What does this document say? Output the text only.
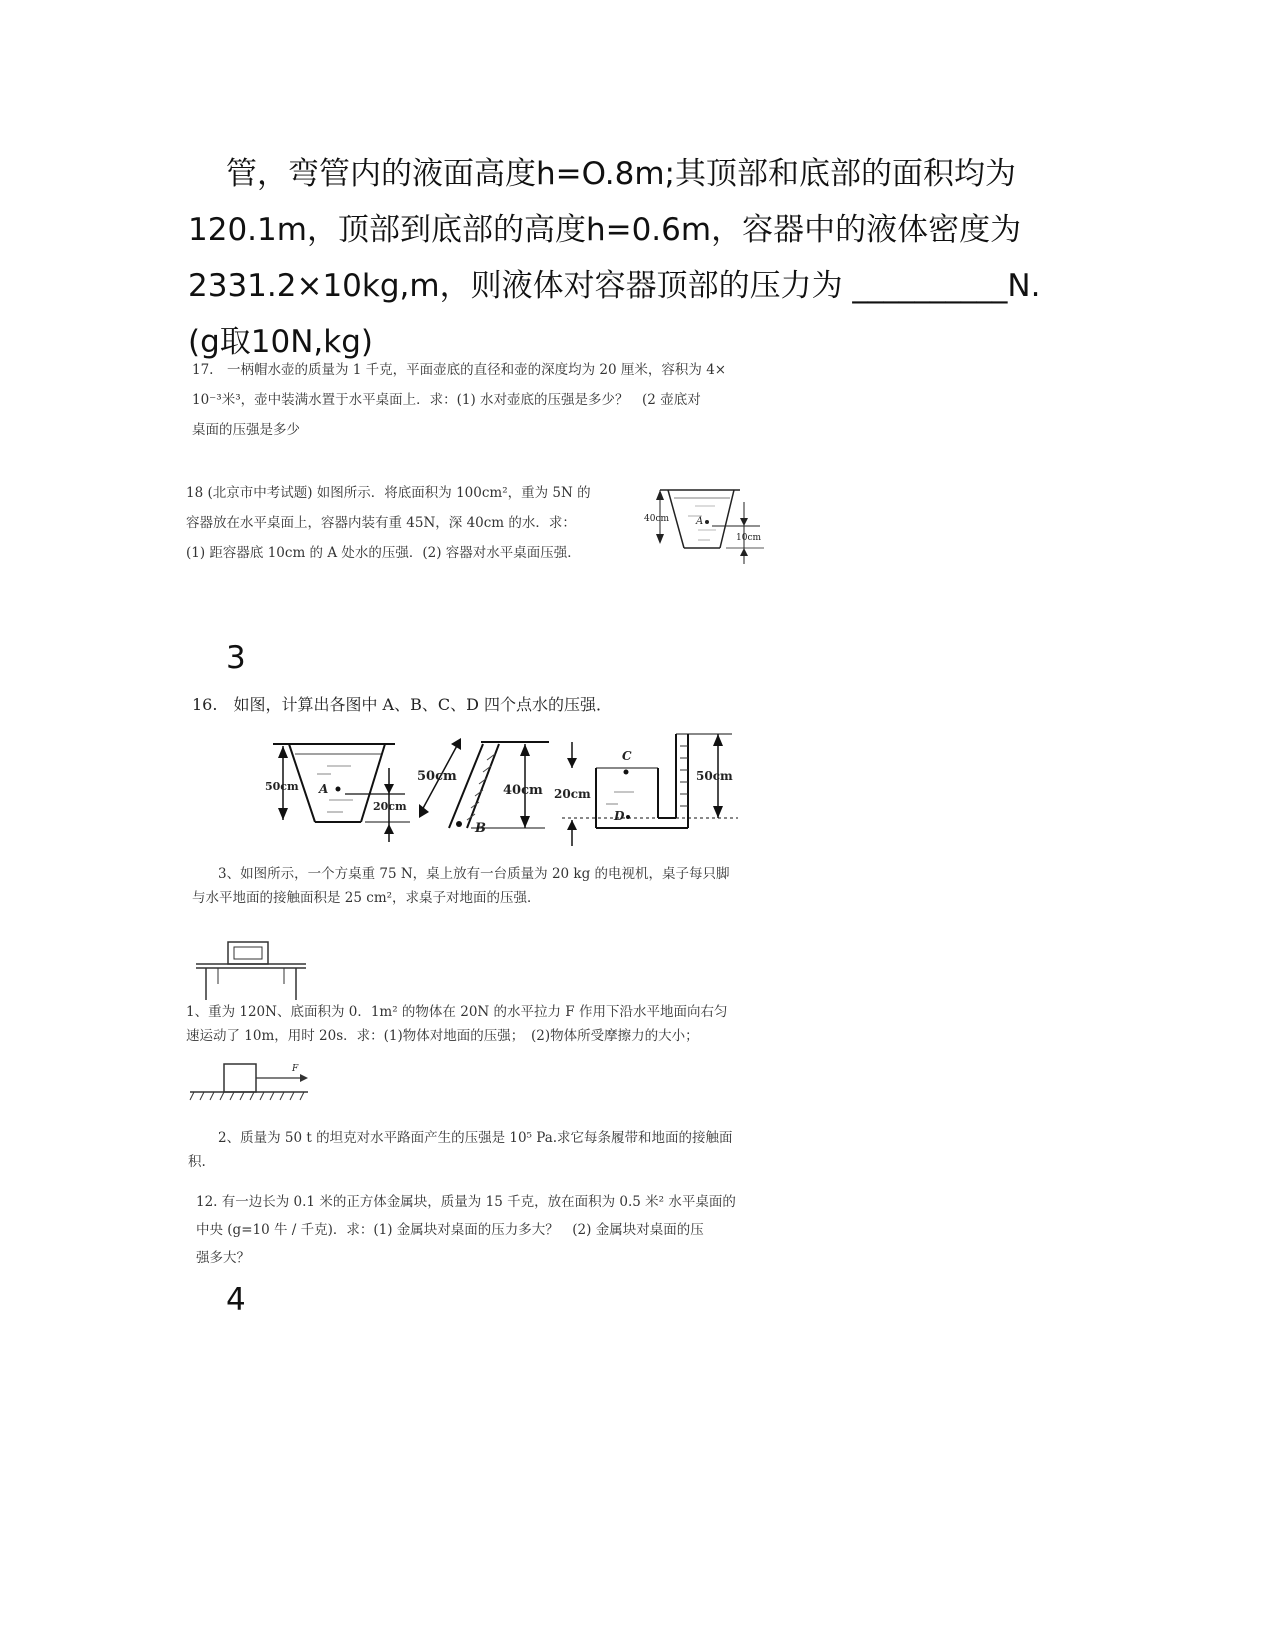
管，弯管内的液面高度h=O.8m;其顶部和底部的面积均为
120.1m，顶部到底部的高度h=0.6m，容器中的液体密度为
2331.2×10kg,m，则液体对容器顶部的压力为 __________N.
(g取10N,kg)
17.　一柄帽水壶的质量为 1 千克，平面壶底的直径和壶的深度均为 20 厘米，容积为 4×
10⁻³米³，壶中装满水置于水平桌面上．求：(1) 水对壶底的压强是多少？　(2 壶底对
桌面的压强是多少
18 (北京市中考试题) 如图所示．将底面积为 100cm²，重为 5N 的
容器放在水平桌面上，容器内装有重 45N，深 40cm 的水．求：
(1) 距容器底 10cm 的 A 处水的压强．(2) 容器对水平桌面压强．
40cm	A
10cm
3
16.　如图，计算出各图中 A、B、C、D 四个点水的压强．
50cm A
20cm
50cm
B
40cm
C
D
20cm
50cm
3、如图所示，一个方桌重 75 N，桌上放有一台质量为 20 kg 的电视机，桌子每只脚
与水平地面的接触面积是 25 cm²，求桌子对地面的压强．
1、重为 120N、底面积为 0．1m² 的物体在 20N 的水平拉力 F 作用下沿水平地面向右匀
速运动了 10m，用时 20s．求：(1)物体对地面的压强；　(2)物体所受摩擦力的大小；
F
2、质量为 50 t 的坦克对水平路面产生的压强是 10⁵ Pa.求它每条履带和地面的接触面
积.
12. 有一边长为 0.1 米的正方体金属块，质量为 15 千克，放在面积为 0.5 米² 水平桌面的
中央 (g=10 牛 / 千克)．求：(1) 金属块对桌面的压力多大？　(2) 金属块对桌面的压
强多大？
4
